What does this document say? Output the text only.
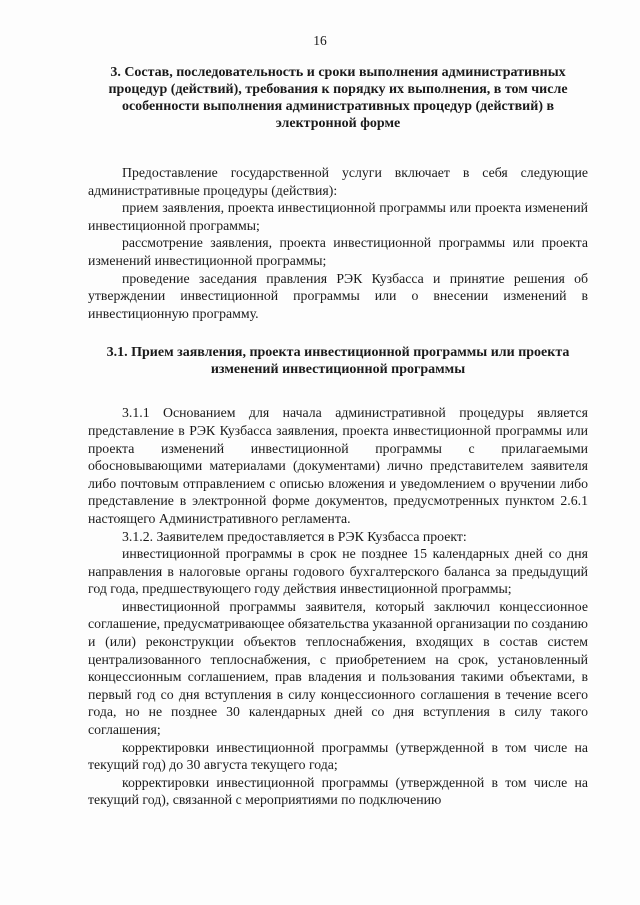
16
3. Состав, последовательность и сроки выполнения административных процедур (действий), требования к порядку их выполнения, в том числе особенности выполнения административных процедур (действий) в электронной форме

Предоставление государственной услуги включает в себя следующие административные процедуры (действия):

прием заявления, проекта инвестиционной программы или проекта изменений инвестиционной программы;

рассмотрение заявления, проекта инвестиционной программы или проекта изменений инвестиционной программы;

проведение заседания правления РЭК Кузбасса и принятие решения об утверждении инвестиционной программы или о внесении изменений в инвестиционную программу.

3.1. Прием заявления, проекта инвестиционной программы или проекта изменений инвестиционной программы

3.1.1 Основанием для начала административной процедуры является представление в РЭК Кузбасса заявления, проекта инвестиционной программы или проекта изменений инвестиционной программы с прилагаемыми обосновывающими материалами (документами) лично представителем заявителя либо почтовым отправлением с описью вложения и уведомлением о вручении либо представление в электронной форме документов, предусмотренных пунктом 2.6.1 настоящего Административного регламента.

3.1.2. Заявителем предоставляется в РЭК Кузбасса проект:

инвестиционной программы в срок не позднее 15 календарных дней со дня направления в налоговые органы годового бухгалтерского баланса за предыдущий год года, предшествующего году действия инвестиционной программы;

инвестиционной программы заявителя, который заключил концессионное соглашение, предусматривающее обязательства указанной организации по созданию и (или) реконструкции объектов теплоснабжения, входящих в состав систем централизованного теплоснабжения, с приобретением на срок, установленный концессионным соглашением, прав владения и пользования такими объектами, в первый год со дня вступления в силу концессионного соглашения в течение всего года, но не позднее 30 календарных дней со дня вступления в силу такого соглашения;

корректировки инвестиционной программы (утвержденной в том числе на текущий год) до 30 августа текущего года;

корректировки инвестиционной программы (утвержденной в том числе на текущий год), связанной с мероприятиями по подключению
